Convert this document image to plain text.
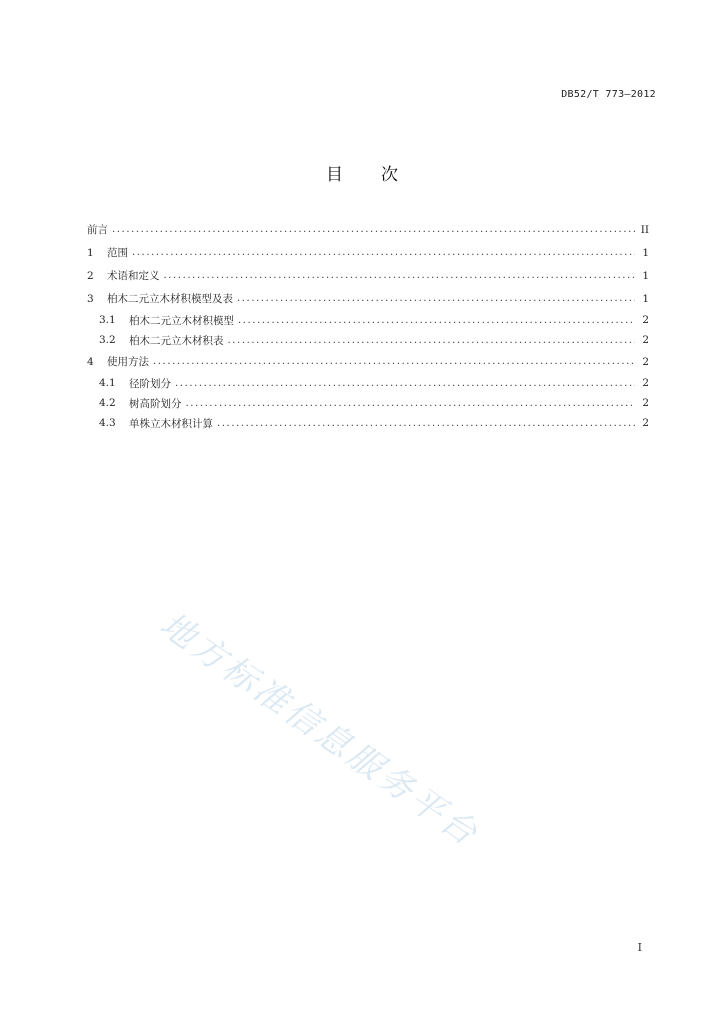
DB52/T 773—2012
目 次
前言 .....	II
1	范围 .....	1
2	术语和定义 .....	1
3	柏木二元立木材积模型及表 .....	1
3.1	柏木二元立木材积模型 .....	2
3.2	柏木二元立木材积表 .....	2
4	使用方法 .....	2
4.1	径阶划分 .....	2
4.2	树高阶划分 .....	2
4.3	单株立木材积计算 .....	2
地方标准信息服务平台
I
